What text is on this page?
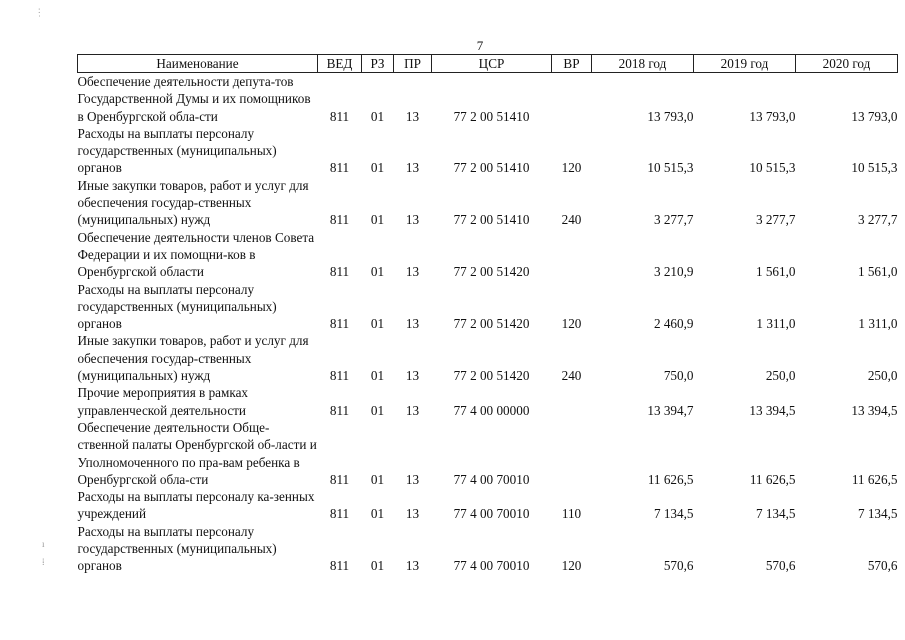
:
˙
ı

⁞
7
Наименование	ВЕД	РЗ	ПР	ЦСР	ВР	2018 год	2019 год	2020 год
Обеспечение деятельности депута-тов Государственной Думы и их помощников в Оренбургской обла-сти	811	01	13	77 2 00 51410		13 793,0	13 793,0	13 793,0
Расходы на выплаты персоналу государственных (муниципальных) органов	811	01	13	77 2 00 51410	120	10 515,3	10 515,3	10 515,3
Иные закупки товаров, работ и услуг для обеспечения государ-ственных (муниципальных) нужд	811	01	13	77 2 00 51410	240	3 277,7	3 277,7	3 277,7
Обеспечение деятельности членов Совета Федерации и их помощни-ков в Оренбургской области	811	01	13	77 2 00 51420		3 210,9	1 561,0	1 561,0
Расходы на выплаты персоналу государственных (муниципальных) органов	811	01	13	77 2 00 51420	120	2 460,9	1 311,0	1 311,0
Иные закупки товаров, работ и услуг для обеспечения государ-ственных (муниципальных) нужд	811	01	13	77 2 00 51420	240	750,0	250,0	250,0
Прочие мероприятия в рамках управленческой деятельности	811	01	13	77 4 00 00000		13 394,7	13 394,5	13 394,5
Обеспечение деятельности Обще-ственной палаты Оренбургской об-ласти и Уполномоченного по пра-вам ребенка в Оренбургской обла-сти	811	01	13	77 4 00 70010		11 626,5	11 626,5	11 626,5
Расходы на выплаты персоналу ка-зенных учреждений	811	01	13	77 4 00 70010	110	7 134,5	7 134,5	7 134,5
Расходы на выплаты персоналу государственных (муниципальных) органов	811	01	13	77 4 00 70010	120	570,6	570,6	570,6
